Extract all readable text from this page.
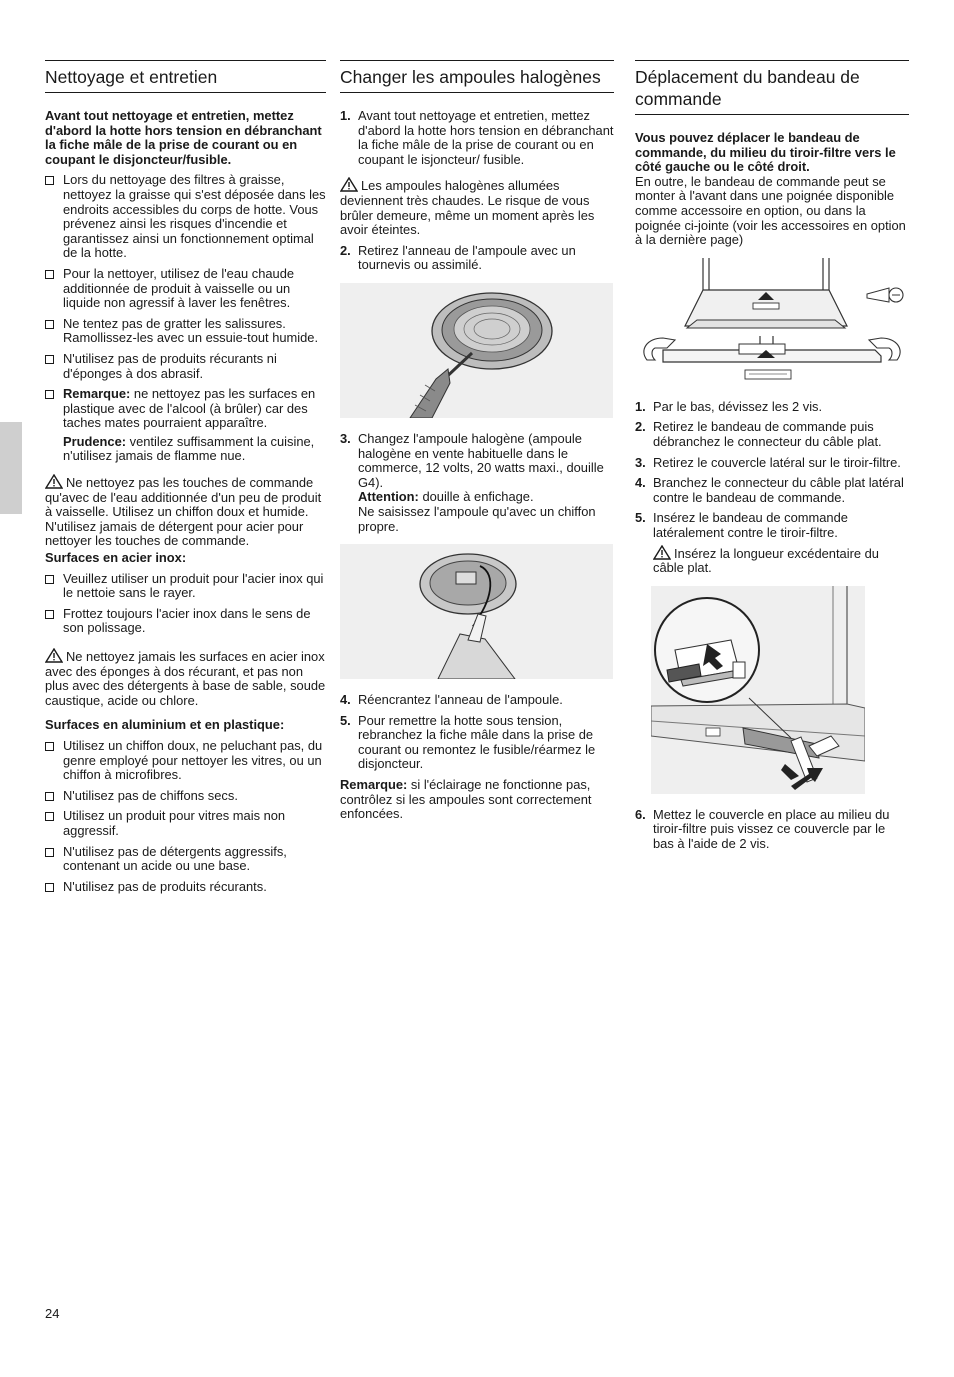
Nettoyage et entretien

Avant tout nettoyage et entretien, mettez d'abord la hotte hors tension en débranchant la fiche mâle de la prise de courant ou en coupant le disjoncteur/fusible.

Lors du nettoyage des filtres à graisse, nettoyez la graisse qui s'est déposée dans les endroits accessibles du corps de hotte. Vous prévenez ainsi les risques d'incendie et garantissez ainsi un fonctionnement optimal de la hotte.
Pour la nettoyer, utilisez de l'eau chaude additionnée de produit à vaisselle ou un liquide non agressif à laver les fenêtres.
Ne tentez pas de gratter les salissures. Ramollissez-les avec un essuie-tout humide.
N'utilisez pas de produits récurants ni d'éponges à dos abrasif.
Remarque: ne nettoyez pas les surfaces en plastique avec de l'alcool (à brûler) car des taches mates pourraient apparaître.
Prudence: ventilez suffisamment la cuisine, n'utilisez jamais de flamme nue.

Ne nettoyez pas les touches de commande qu'avec de l'eau additionnée d'un peu de produit à vaisselle. Utilisez un chiffon doux et humide.
N'utilisez jamais de détergent pour acier pour nettoyer les touches de commande.

Surfaces en acier inox:

Veuillez utiliser un produit pour l'acier inox qui le nettoie sans le rayer.
Frottez toujours l'acier inox dans le sens de son polissage.

Ne nettoyez jamais les surfaces en acier inox avec des éponges à dos récurant, et pas non plus avec des détergents à base de sable, soude caustique, acide ou chlore.

Surfaces en aluminium et en plastique:

Utilisez un chiffon doux, ne peluchant pas, du genre employé pour nettoyer les vitres, ou un chiffon à microfibres.
N'utilisez pas de chiffons secs.
Utilisez un produit pour vitres mais non aggressif.
N'utilisez pas de détergents aggressifs, contenant un acide ou une base.
N'utilisez pas de produits récurants.
Changer les ampoules halogènes
1. Avant tout nettoyage et entretien, mettez d'abord la hotte hors tension en débranchant la fiche mâle de la prise de courant ou en coupant le isjoncteur/ fusible.

Les ampoules halogènes allumées deviennent très chaudes. Le risque de vous brûler demeure, même un moment après les avoir éteintes.

2. Retirez l'anneau de l'ampoule avec un tournevis ou assimilé.
3. Changez l'ampoule halogène (ampoule halogène en vente habituelle dans le commerce, 12 volts, 20 watts maxi., douille G4).
Attention: douille à enfichage.
Ne saisissez l'ampoule qu'avec un chiffon propre.
4. Réencrantez l'anneau de l'ampoule.
5. Pour remettre la hotte sous tension, rebranchez la fiche mâle dans la prise de courant ou remontez le fusible/réarmez le disjoncteur.

Remarque: si l'éclairage ne fonctionne pas, contrôlez si les ampoules sont correctement enfoncées.

Déplacement du bandeau de commande

Vous pouvez déplacer le bandeau de commande, du milieu du tiroir-filtre vers le côté gauche ou le côté droit.
En outre, le bandeau de commande peut se monter à l'avant dans une poignée disponible comme accessoire en option, ou dans la poignée ci-jointe (voir les accessoires en option à la dernière page)

1. Par le bas, dévissez les 2 vis.
2. Retirez le bandeau de commande puis débranchez le connecteur du câble plat.
3. Retirez le couvercle latéral sur le tiroir-filtre.
4. Branchez le connecteur du câble plat latéral contre le bandeau de commande.
5. Insérez le bandeau de commande latéralement contre le tiroir-filtre.
Insérez la longueur excédentaire du câble plat.
6. Mettez le couvercle en place au milieu du tiroir-filtre puis vissez ce couvercle par le bas à l'aide de 2 vis.
24
